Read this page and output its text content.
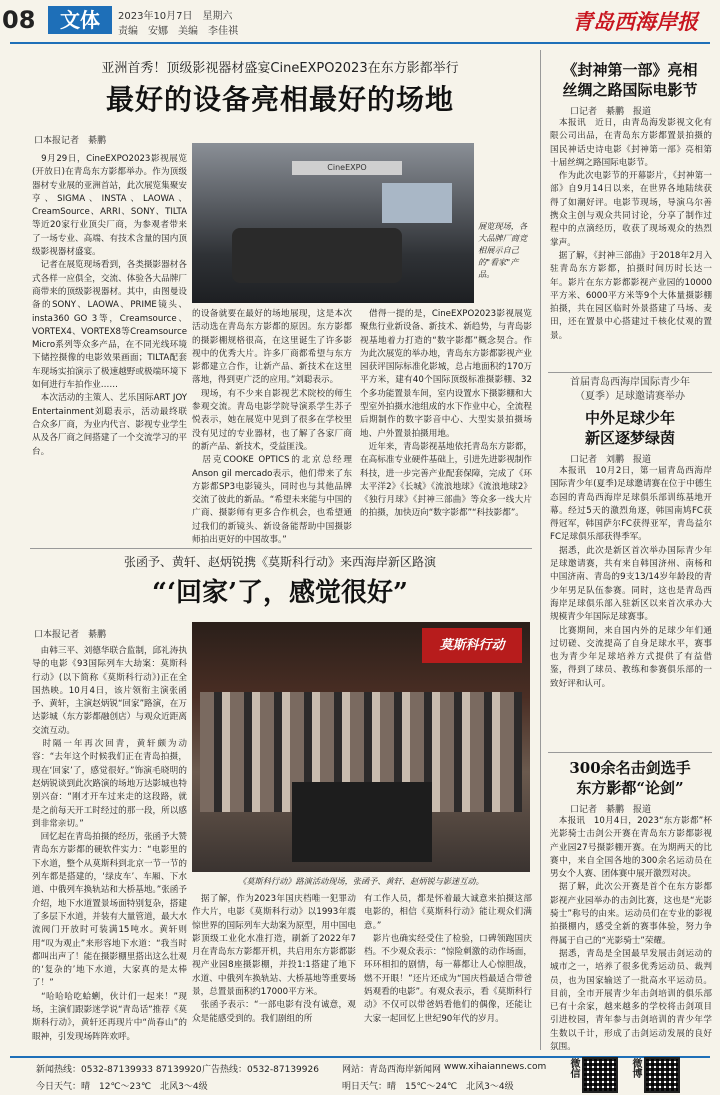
08	文体	2023年10月7日　星期六
责编　安娜　美编　李佳祺	青岛西海岸报
亚洲首秀！顶级影视器材盛宴CineEXPO2023在东方影都举行
最好的设备亮相最好的场地
口本报记者　綦鹏
　9月29日，CineEXPO2023影视展览(开放日)在青岛东方影都举办。作为顶级器材专业展的亚洲首站，此次展览集聚安亨、SIGMA、INSTA、LAOWA、CreamSource、ARRI、SONY、TILTA等近20家行业顶尖厂商，为参观者带来了一场专业、高端、有技术含量的国内顶级影视器材盛宴。
　记者在展览现场看到，各类摄影器材各式各样一应俱全，交流、体验各大品牌厂商带来的顶级影视器材。其中，由图曼设备的SONY、LAOWA、PRIME镜头、insta360 GO 3等，Creamsource、VORTEX4、VORTEX8等Creamsource Micro系列等众多产品，在不同光线环境下储控摄像的电影效果画面；TILTA配套车现场实拍演示了极速越野或极端环境下如何进行车拍作业……
　本次活动的主策人、艺乐国际ART JOY Entertainment刘聪表示，活动最终联合众多厂商，为业内代言、影视专业学生从及各厂商之间搭建了一个交流学习的平台。
CineEXPO
展览现场，各大品牌厂商竞相展示自己的"看家"产品。
的设备就要在最好的场地展现，这是本次活动选在青岛东方影都的原因。东方影都的摄影棚规格很高，在这里诞生了许多影视中的优秀大片。许多厂商都希望与东方影都建立合作，让新产品、新技术在这里落地，得到更广泛的应用。”刘聪表示。
　现场，有不少来自影视艺术院校的师生参观交流。青岛电影学院导演系学生苏子悦表示，她在展览中见到了很多在学校里没有见过的专业器材，也了解了各家厂商的新产品、新技术，受益匪浅。
　居克COOKE OPTICS的北京总经理Anson gil mercado表示，他们带来了东方影都SP3电影镜头，同时也与其他品牌交流了彼此的新品。“希望未来能与中国的广商、摄影师有更多合作机会，也希望通过我们的新镜头、新设备能帮助中国摄影师拍出更好的中国故事。”
　借得一提的是，CineEXPO2023影视展览聚焦行业新设备、新技术、新趋势，与青岛影视基地着力打造的“数字影都”概念契合。作为此次展览的举办地，青岛东方影都影视产业园获评国际标准化影城，总占地面积约170万平方米，建有40个国际顶级标准摄影棚、32个多功能置景车间，室内设置水下摄影棚和大型室外拍摄水池组成的水下作业中心，全流程后期制作的数字影音中心、大型实景拍摄场地、户外置景拍摄用地。
　近年来，青岛影视基地依托青岛东方影都，在高标准专业硬件基础上，引进先进影视制作科技，进一步完善产业配套保障，完成了《环太平洋2》《长城》《流浪地球》《流浪地球2》《独行月球》《封神三部曲》等众多一线大片的拍摄，加快迈向“数字影都”“科技影都”。
张函予、黄轩、赵炳锐携《莫斯科行动》来西海岸新区路演
“‘回家’了，感觉很好”
口本报记者　綦鹏
　由韩三平、刘德华联合监制，邱礼涛执导的电影《93国际列车大劫案：莫斯科行动》(以下简称《莫斯科行动》)正在全国热映。10月4日，该片领衔主演张函予、黄轩，主演赵炳锐“回家”路演，在万达影城（东方影都融创店）与观众近距离交流互动。
　时隔一年再次回青，黄轩颇为动容：“去年这个时候我们正在青岛拍摄，现在‘回家’了，感觉很好。”饰演毛晓明的赵炳锐谈到此次路演的场地万达影城也特别兴奋：“刚才开车过来走的这段路，就是之前每天开工时经过的那一段，所以感到非常亲切。”
　回忆起在青岛拍摄的经历，张函予大赞青岛东方影都的硬软件实力：“电影里的下水道，整个从莫斯科到北京一节一节的列车都是搭建的，‘绿皮车’、车厢、下水道、中俄列车换轨站和大桥基地。”张函予介绍，地下水道置景场面特别复杂，搭建了多层下水道，并装有大量管道，最大水流阀门开放时可装满15吨水。黄轩则用“叹为观止”来形容地下水道：“我当时都叫出声了！能在摄影棚里搭出这么壮观的‘复杂的’地下水道，大家真的是太棒了！”
　“哈哈哈吃蛤蜊，伙计们一起来！”现场，主演们跟影迷学说“青岛话”推荐《莫斯科行动》，黄轩还再现片中“尚春山”的眼神，引发现场阵阵欢呼。
莫斯科行动
《莫斯科行动》路演活动现场，张函予、黄轩、赵炳锐与影迷互动。
　据了解，作为2023年国庆档唯一犯罪动作大片，电影《莫斯科行动》以1993年震惊世界的国际列车大劫案为原型，用中国电影顶级工业化水准打造，刷新了2022年7月在青岛东方影都开机，共启用东方影都影视产业园8座摄影棚，并投1:1搭建了地下水道、中俄列车换轨站、大桥基地等重要场景，总置景面积约17000平方米。
　张函予表示：“一部电影有没有诚意，观众是能感受到的。我们剧组的所
有工作人员，都是怀着最大诚意来拍摄这部电影的，相信《莫斯科行动》能让观众们满意。”
　影片也确实经受住了检验，口碑领跑国庆档。不少观众表示：“惊险刺激的动作场面，环环相扣的剧情，每一幕都让人心惊胆战，燃不开眼！”还片还成为“国庆档最适合带爸妈观看的电影”。有观众表示，看《莫斯科行动》不仅可以带爸妈看他们的偶像，还能让大家一起回忆上世纪90年代的岁月。
《封神第一部》亮相
丝绸之路国际电影节
口记者　綦鹏　报道
　本报讯　近日，由青岛海发影视文化有限公司出品，在青岛东方影都置景拍摄的国民神话史诗电影《封神第一部》亮相第十届丝绸之路国际电影节。
　作为此次电影节的开幕影片，《封神第一部》自9月14日以来，在世界各地陆续获得了如潮好评。电影节现场，导演乌尔善携众主创与观众共同讨论，分享了制作过程中的点滴经历，收获了现场观众的热烈掌声。
　据了解，《封神三部曲》于2018年2月入驻青岛东方影都，拍摄时间历时长达一年。影片在东方影都影视产业园的10000平方米、6000平方米等9个大体量摄影棚拍摄，共在园区临时外景搭建了马场、麦田，还在置景中心搭建过千核化仗观的置景。
首届青岛西海岸国际青少年
（夏季）足球邀请赛举办
中外足球少年
新区逐梦绿茵
口记者　刘鹏　报道
　本报讯　10月2日，第一届青岛西海岸国际青少年(夏季)足球邀请赛在位于中德生态园的青岛西海岸足球俱乐部训练基地开幕。经过5天的激烈角逐，韩国南鸠FC获得冠军，韩国萨尔FC获得亚军，青岛益尔FC足球俱乐部获得季军。
　据悉，此次是新区首次举办国际青少年足球邀请赛，共有来自韩国济州、南杨和中国济南、青岛的9支13/14岁年龄段的青少年男足队伍参赛。同时，这也是青岛西海岸足球俱乐部入驻新区以来首次承办大规模青少年国际足球赛事。
　比赛期间，来自国内外的足球少年们通过切磋、交流提高了自身足球水平，赛事也为青少年足球培养方式提供了有益借鉴，得到了球员、教练和参赛俱乐部的一致好评和认可。
300余名击剑选手
东方影都“论剑”
口记者　綦鹏　报道
　本报讯　10月4日，2023“东方影都”杯光影骑士击剑公开赛在青岛东方影都影视产业园27号摄影棚开赛。在为期两天的比赛中，来自全国各地的300余名运动员在男女个人赛、团体赛中展开激烈对决。
　据了解，此次公开赛是首个在东方影都影视产业园举办的击剑比赛，这也是“光影骑士”称号的由来。运动员们在专业的影视拍摄棚内，感受全新的赛事体验，努力争得属于自己的“光影骑士”荣耀。
　据悉，青岛是全国最早发展击剑运动的城市之一，培养了很多优秀运动员、裁判员，也为国家输送了一批高水平运动员。目前，全市开展青少年击剑培训的俱乐部已有十余家，越来越多的学校将击剑项目引进校园，青年参与击剑培训的青少年学生数以千计，形成了击剑运动发展的良好氛围。
新闻热线：0532-87139933 87139920 广告热线：0532-87139926	网站：青岛西海岸新闻网 www.xihaiannews.com
今日天气：晴　12℃～23℃　北风3～4级	明日天气：晴　15℃～24℃　北风3～4级
微信	微博
